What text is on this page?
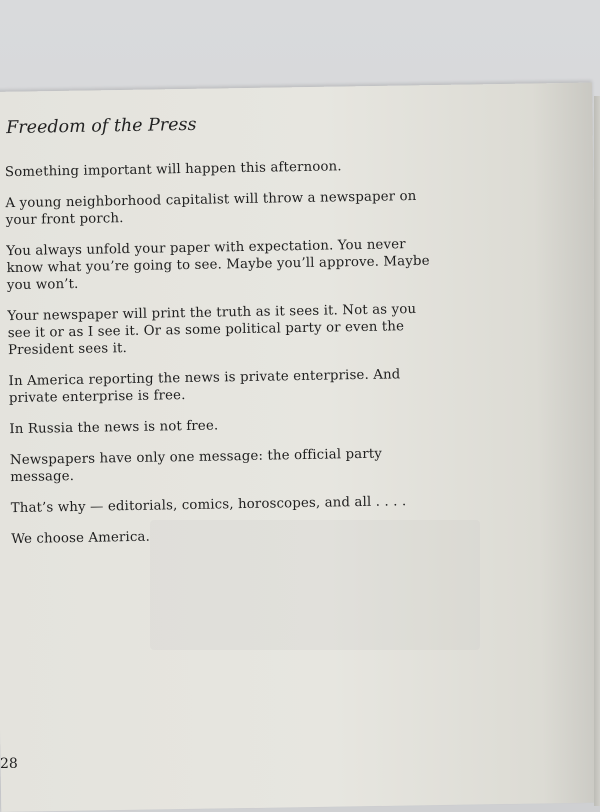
Freedom of the Press

Something important will happen this afternoon.

A young neighborhood capitalist will throw a newspaper on your front porch.

You always unfold your paper with expectation. You never know what you’re going to see. Maybe you’ll approve. Maybe you won’t.

Your newspaper will print the truth as it sees it. Not as you see it or as I see it. Or as some political party or even the President sees it.

In America reporting the news is private enterprise. And private enterprise is free.

In Russia the news is not free.

Newspapers have only one message: the official party message.

That’s why — editorials, comics, horoscopes, and all . . . .

We choose America.

28
